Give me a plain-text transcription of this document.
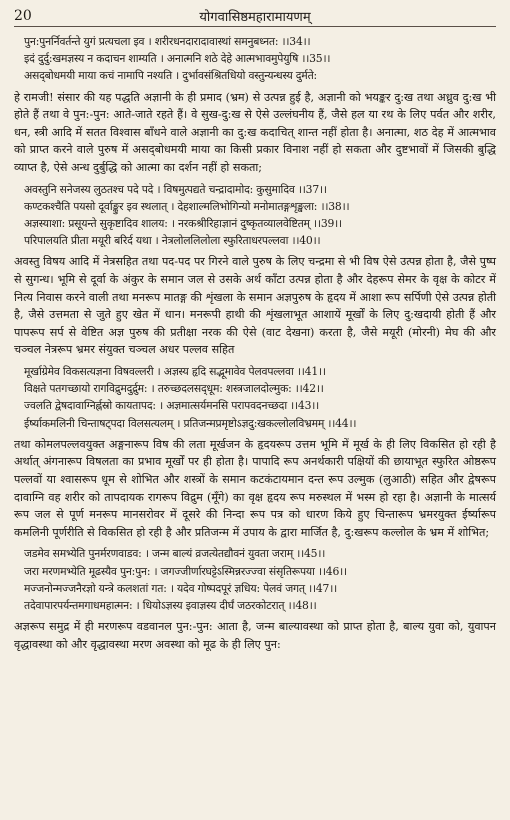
20	योगवासिष्ठमहारामायणम्
पुन:पुनर्निवर्तन्ते युगं प्रत्यचला इव । शरीरधनदारादावास्थां समनुबध्नत: ।।34।।
इदं दुर्दु:खमज्ञस्य न कदाचन शाम्यति । अनात्मनि शठे देहे आत्मभावमुपेयुषि ।।35।।
असद्‌बोधमयी माया कचं नामापि नश्यति । दुर्भावसंश्रितधियो वस्तुन्यन्धस्य दुर्मते:

हे रामजी! संसार की यह पद्धति अज्ञानी के ही प्रमाद (भ्रम) से उत्पन्न हुई है, अज्ञानी को भयङ्कर दु:ख तथा अध्रुव दु:ख भी होते हैं तथा वे पुन:-पुन: आते-जाते रहते हैं। वे सुख-दु:ख से ऐसे उल्लंघनीय हैं, जैसे हल या रथ के लिए पर्वत और शरीर, धन, स्त्री आदि में सतत विश्वास बाँधने वाले अज्ञानी का दु:ख कदाचित् शान्त नहीं होता है। अनात्मा, शठ देह में आत्मभाव को प्राप्त करने वाले पुरुष में असद्‌बोधमयी माया का किसी प्रकार विनाश नहीं हो सकता और दुष्टभावों में जिसकी बुद्धि व्याप्त है, ऐसे अन्ध दुर्बुद्धि को आत्मा का दर्शन नहीं हो सकता;

अवस्तुनि सनेजस्य लुठतश्च पदे पदे । विषमुत्पद्यते चन्द्रादामोद: कुसुमादिव ।।37।।
कण्टकश्चैति पयसो दूर्वाङ्कुर इव स्थलात् । देहशाल्मलिभोगिन्यो मनोमातङ्गशृङ्खला: ।।38।।
अज्ञस्याशा: प्रसूयन्ते सुकृष्टादिव शालय: । नरकश्रीरिहाज्ञानं दुष्कृतव्यालवेष्टितम् ।।39।।
परिपालयति प्रीता मयूरी बरिर्द यथा । नेत्रलोललिलोला स्फुरिताधरपल्लवा ।।40।।

अवस्तु विषय आदि में नेत्रसहित तथा पद-पद पर गिरने वाले पुरुष के लिए चन्द्रमा से भी विष ऐसे उत्पन्न होता है, जैसे पुष्प से सुगन्ध। भूमि से दूर्वा के अंकुर के समान जल से उसके अर्थ काँटा उत्पन्न होता है और देहरूप सेमर के वृक्ष के कोटर में नित्य निवास करने वाली तथा मनरूप मातङ्ग की शृंखला के समान अज्ञपुरुष के हृदय में आशा रूप सर्पिणी ऐसे उत्पन्न होती है, जैसे उत्तमता से जुते हुए खेत में धान। मनरूपी हाथी की शृंखलाभूत आशायें मूर्खों के लिए दु:खदायी होती हैं और पापरूप सर्प से वेष्टित अज्ञ पुरुष की प्रतीक्षा नरक की ऐसे (वाट देखना) करता है, जैसे मयूरी (मोरनी) मेघ की और चञ्चल नेत्ररूप भ्रमर संयुक्त चञ्चल अधर पल्लव सहित

मूर्खाग्रेमेव विकसत्यज्ञना विषवल्लरी । अज्ञस्य हृदि सद्भूमावेव पेलवपल्लवा ।।41।।
विक्षते पतगच्छायो रागविद्रुमदुर्द्रुम: । तरुच्छदलसद्‌धूम: शस्त्रजालदोल्मुक: ।।42।।
ज्वलति द्वेषदावाग्निर्ह्नस्रो कायतापद: । अज्ञमात्सर्यमनसि परापवदनच्छदा ।।43।।
ईर्ष्याकमलिनी चिन्ताषट्पदा विलसत्यलम् । प्रतिजन्मप्रमृष्टोऽज्ञदु:खकल्लोलविभ्रमम् ।।44।।

तथा कोमलपल्लवयुक्त अङ्गनारूप विष की लता मूर्खजन के हृदयरूप उत्तम भूमि में मूर्ख के ही लिए विकसित हो रही है अर्थात् अंगनारूप विषलता का प्रभाव मूर्खों पर ही होता है। पापादि रूप अनर्थकारी पक्षियों की छायाभूत स्फुरित ओष्ठरूप पल्लवों या श्वासरूप धूम से शोभित और शस्त्रों के समान कटकंटायमान दन्त रूप उल्मुक (लुआठी) सहित और द्वेषरूप दावाग्नि वह शरीर को तापदायक रागरूप विद्रुम (मूँगे) का वृक्ष हृदय रूप मरुस्थल में भस्म हो रहा है। अज्ञानी के मात्सर्य रूप जल से पूर्ण मनरूप मानसरोवर में दूसरे की निन्दा रूप पत्र को धारण किये हुए चिन्तारूप भ्रमरयुक्त ईर्ष्यारूप कमलिनी पूर्णरीति से विकसित हो रही है और प्रतिजन्म में उपाय के द्वारा मार्जित है, दु:खरूप कल्लोल के भ्रम में शोभित;

जडमेव समभ्येति पुनर्मरणवाडव: । जन्म बाल्यं व्रजत्येतद्यौवनं युवता जराम् ।।45।।
जरा मरणमभ्येति मूढस्यैव पुन:पुन: । जगज्जीर्णारघट्टेऽस्मिन्नरज्ज्वा संसृतिरूपया ।।46।।
मज्जनोन्मज्जनैरज्ञो यन्त्रे कलशतां गत: । यदेव गोष्पदपूरं ज्ञधिय: पेलवं जगत् ।।47।।
तदेवापारपर्यन्तमगाधमहात्मन: । धियोऽज्ञस्य इवाज्ञस्य दीर्घं जठरकोटरात् ।।48।।

अज्ञरूप समुद्र में ही मरणरूप वडवानल पुन:-पुन: आता है, जन्म बाल्यावस्था को प्राप्त होता है, बाल्य युवा को, युवापन वृद्धावस्था को और वृद्धावस्था मरण अवस्था को मूढ के ही लिए पुन:
